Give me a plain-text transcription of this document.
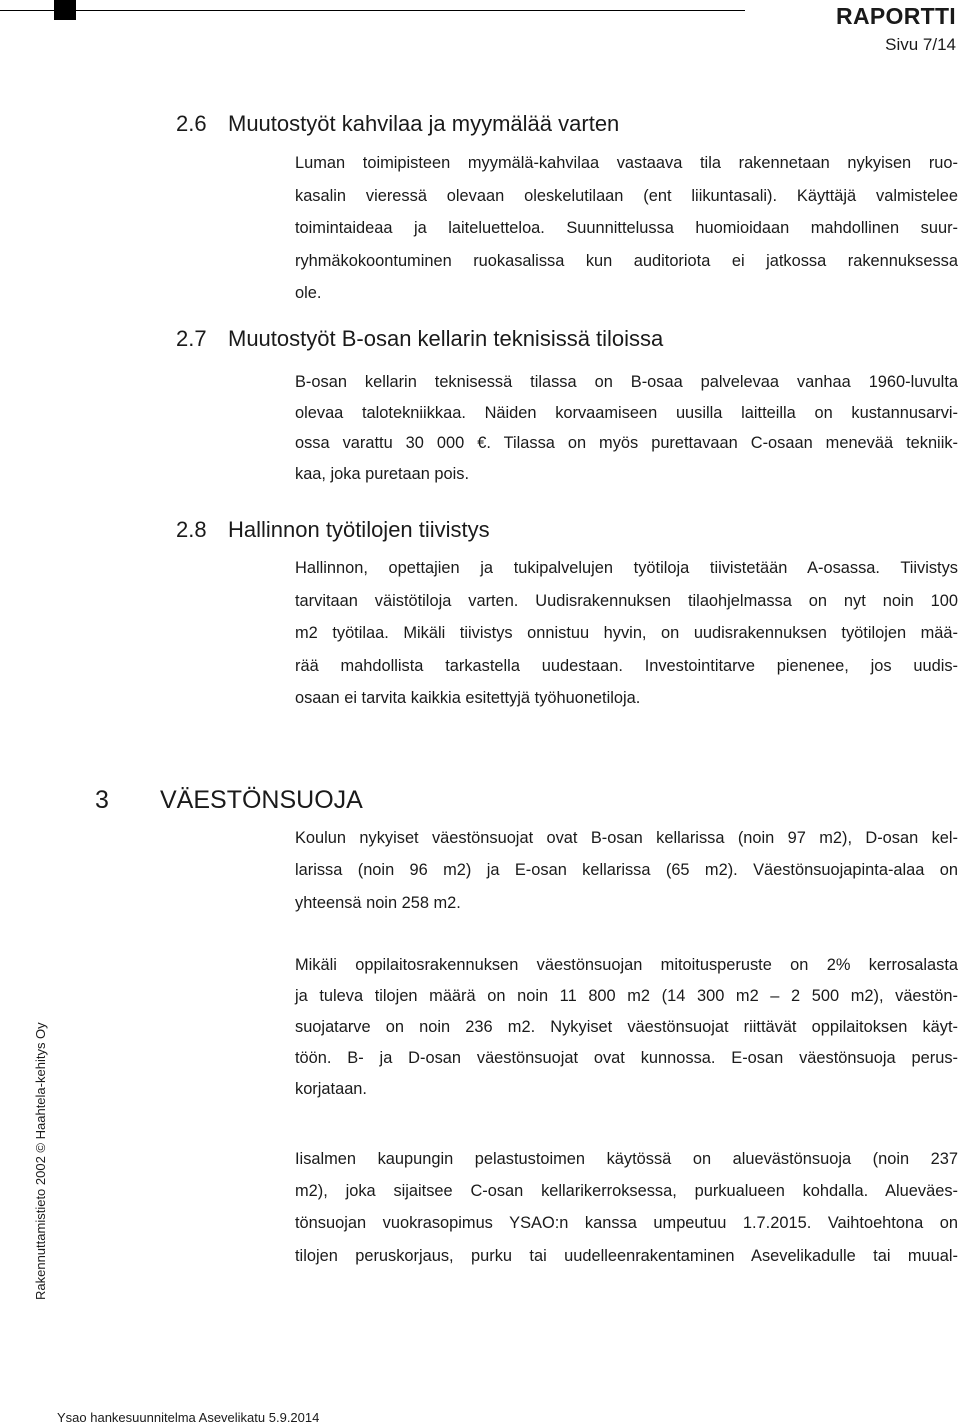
RAPORTTI
Sivu 7/14
2.6 Muutostyöt kahvilaa ja myymälää varten
Luman toimipisteen myymälä-kahvilaa vastaava tila rakennetaan nykyisen ruo-
kasalin vieressä olevaan oleskelutilaan (ent liikuntasali). Käyttäjä valmistelee
toimintaideaa ja laiteluetteloa. Suunnittelussa huomioidaan mahdollinen suur-
ryhmäkokoontuminen ruokasalissa kun auditoriota ei jatkossa rakennuksessa
ole.
2.7 Muutostyöt B-osan kellarin teknisissä tiloissa
B-osan kellarin teknisessä tilassa on B-osaa palvelevaa vanhaa 1960-luvulta
olevaa talotekniikkaa. Näiden korvaamiseen uusilla laitteilla on kustannusarvi-
ossa varattu 30 000 €. Tilassa on myös purettavaan C-osaan menevää tekniik-
kaa, joka puretaan pois.
2.8 Hallinnon työtilojen tiivistys
Hallinnon, opettajien ja tukipalvelujen työtiloja tiivistetään A-osassa. Tiivistys
tarvitaan väistötiloja varten. Uudisrakennuksen tilaohjelmassa on nyt noin 100
m2 työtilaa. Mikäli tiivistys onnistuu hyvin, on uudisrakennuksen työtilojen mää-
rää mahdollista tarkastella uudestaan. Investointitarve pienenee, jos uudis-
osaan ei tarvita kaikkia esitettyjä työhuonetiloja.
3 VÄESTÖNSUOJA
Koulun nykyiset väestönsuojat ovat B-osan kellarissa (noin 97 m2), D-osan kel-
larissa (noin 96 m2) ja E-osan kellarissa (65 m2). Väestönsuojapinta-alaa on
yhteensä noin 258 m2.
Mikäli oppilaitosrakennuksen väestönsuojan mitoitusperuste on 2% kerrosalasta
ja tuleva tilojen määrä on noin 11 800 m2 (14 300 m2 – 2 500 m2), väestön-
suojatarve on noin 236 m2. Nykyiset väestönsuojat riittävät oppilaitoksen käyt-
töön. B- ja D-osan väestönsuojat ovat kunnossa. E-osan väestönsuoja perus-
korjataan.
Iisalmen kaupungin pelastustoimen käytössä on aluevästönsuoja (noin 237
m2), joka sijaitsee C-osan kellarikerroksessa, purkualueen kohdalla. Alueväes-
tönsuojan vuokrasopimus YSAO:n kanssa umpeutuu 1.7.2015. Vaihtoehtona on
tilojen peruskorjaus, purku tai uudelleenrakentaminen Asevelikadulle tai muual-
Rakennuttamistieto 2002 © Haahtela-kehitys Oy
Ysao hankesuunnitelma Asevelikatu 5.9.2014
